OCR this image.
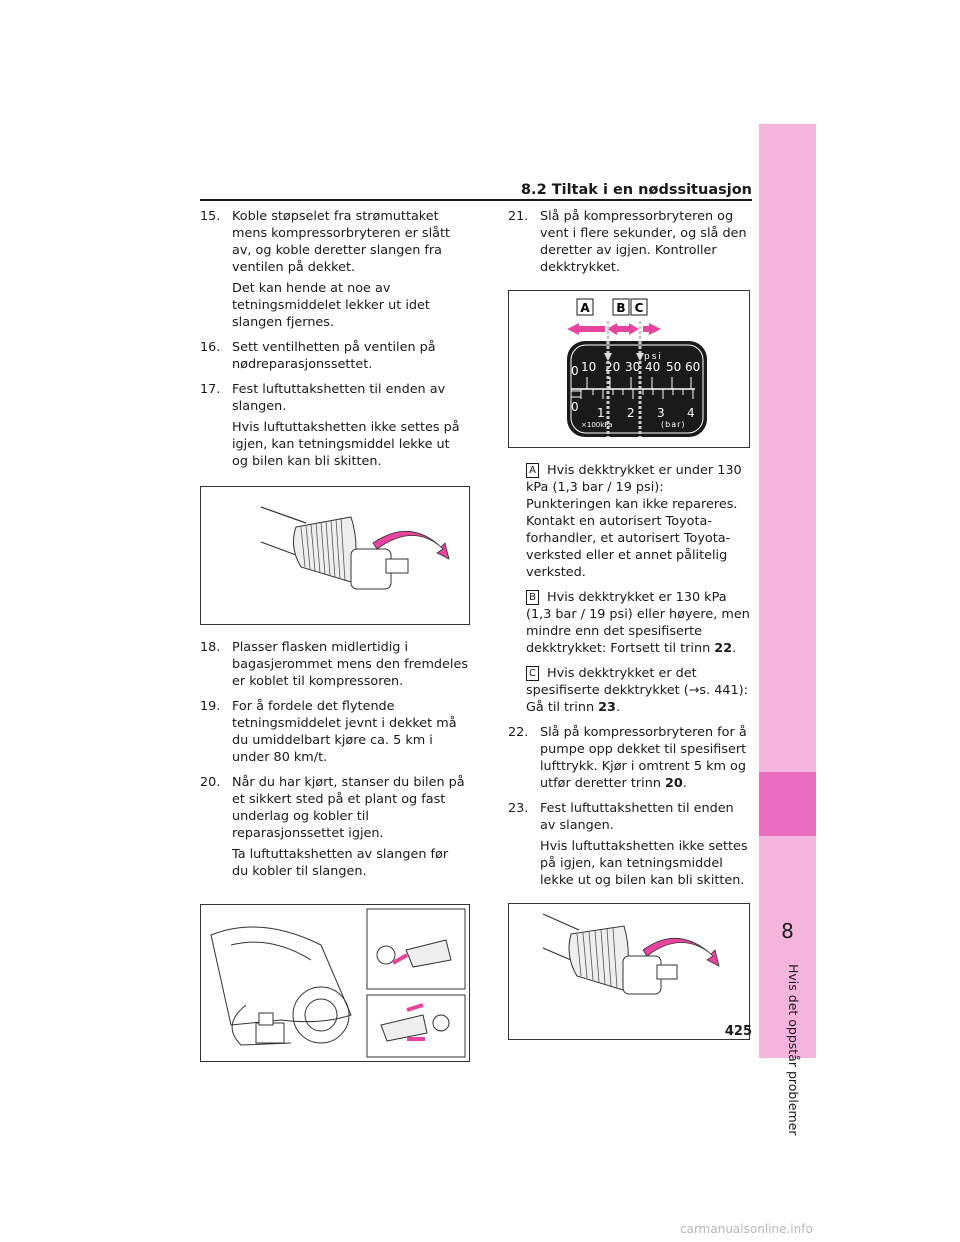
8
Hvis det oppstår problemer
8.2 Tiltak i en nødssituasjon
15. Koble støpselet fra strømuttaket mens kompressorbryteren er slått av, og koble deretter slangen fra ventilen på dekket.

Det kan hende at noe av tetningsmiddelet lekker ut idet slangen fjernes.

16. Sett ventilhetten på ventilen på nødreparasjonssettet.

17. Fest luftuttakshetten til enden av slangen.

Hvis luftuttakshetten ikke settes på igjen, kan tetningsmiddel lekke ut og bilen kan bli skitten.

18. Plasser flasken midlertidig i bagasjerommet mens den fremdeles er koblet til kompressoren.

19. For å fordele det flytende tetningsmiddelet jevnt i dekket må du umiddelbart kjøre ca. 5 km i under 80 km/t.

20. Når du har kjørt, stanser du bilen på et sikkert sted på et plant og fast underlag og kobler til reparasjonssettet igjen.

Ta luftuttakshetten av slangen før du kobler til slangen.

21. Slå på kompressorbryteren og vent i flere sekunder, og slå den deretter av igjen. Kontroller dekktrykket.

A B C
psi
0 10 20 30 40 50 60
0 1 2 3 4
×100kPa	(bar)
A Hvis dekktrykket er under 130 kPa (1,3 bar / 19 psi): Punkteringen kan ikke repareres. Kontakt en autorisert Toyota-forhandler, et autorisert Toyota-verksted eller et annet pålitelig verksted.
B Hvis dekktrykket er 130 kPa (1,3 bar / 19 psi) eller høyere, men mindre enn det spesifiserte dekktrykket: Fortsett til trinn 22.
C Hvis dekktrykket er det spesifiserte dekktrykket (→s. 441): Gå til trinn 23.
22. Slå på kompressorbryteren for å pumpe opp dekket til spesifisert lufttrykk. Kjør i omtrent 5 km og utfør deretter trinn 20.

23. Fest luftuttakshetten til enden av slangen.

Hvis luftuttakshetten ikke settes på igjen, kan tetningsmiddel lekke ut og bilen kan bli skitten.

425
carmanualsonline.info
